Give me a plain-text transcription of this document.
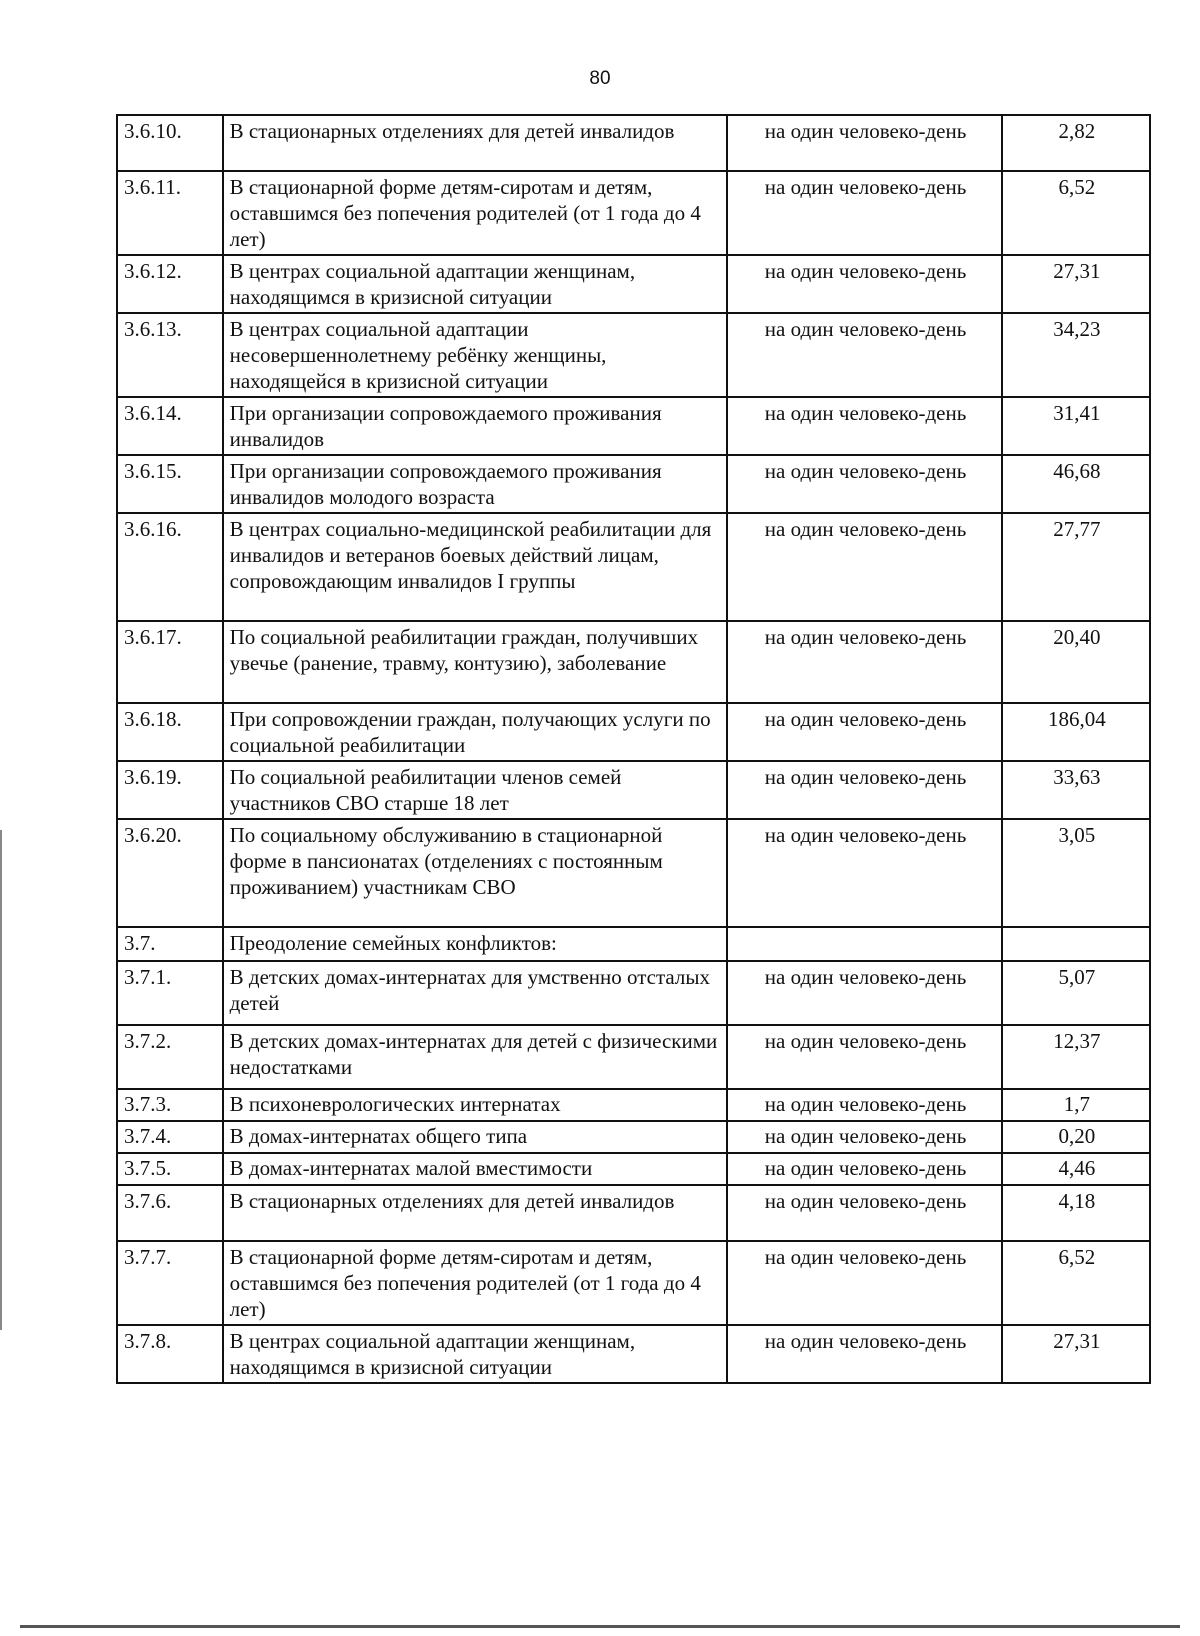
80
3.6.10.	В стационарных отделениях для детей инвалидов	на один человеко-день	2,82
3.6.11.	В стационарной форме детям-сиротам и детям, оставшимся без попечения родителей (от 1 года до 4 лет)	на один человеко-день	6,52
3.6.12.	В центрах социальной адаптации женщинам, находящимся в кризисной ситуации	на один человеко-день	27,31
3.6.13.	В центрах социальной адаптации несовершеннолетнему ребёнку женщины, находящейся в кризисной ситуации	на один человеко-день	34,23
3.6.14.	При организации сопровождаемого проживания инвалидов	на один человеко-день	31,41
3.6.15.	При организации сопровождаемого проживания инвалидов молодого возраста	на один человеко-день	46,68
3.6.16.	В центрах социально-медицинской реабилитации для инвалидов и ветеранов боевых действий лицам, сопровождающим инвалидов I группы	на один человеко-день	27,77
3.6.17.	По социальной реабилитации граждан, получивших увечье (ранение, травму, контузию), заболевание	на один человеко-день	20,40
3.6.18.	При сопровождении граждан, получающих услуги по социальной реабилитации	на один человеко-день	186,04
3.6.19.	По социальной реабилитации членов семей участников СВО старше 18 лет	на один человеко-день	33,63
3.6.20.	По социальному обслуживанию в стационарной форме в пансионатах (отделениях с постоянным проживанием) участникам СВО	на один человеко-день	3,05
3.7.	Преодоление семейных конфликтов:		
3.7.1.	В детских домах-интернатах для умственно отсталых детей	на один человеко-день	5,07
3.7.2.	В детских домах-интернатах для детей с физическими недостатками	на один человеко-день	12,37
3.7.3.	В психоневрологических интернатах	на один человеко-день	1,7
3.7.4.	В домах-интернатах общего типа	на один человеко-день	0,20
3.7.5.	В домах-интернатах малой вместимости	на один человеко-день	4,46
3.7.6.	В стационарных отделениях для детей инвалидов	на один человеко-день	4,18
3.7.7.	В стационарной форме детям-сиротам и детям, оставшимся без попечения родителей (от 1 года до 4 лет)	на один человеко-день	6,52
3.7.8.	В центрах социальной адаптации женщинам, находящимся в кризисной ситуации	на один человеко-день	27,31
